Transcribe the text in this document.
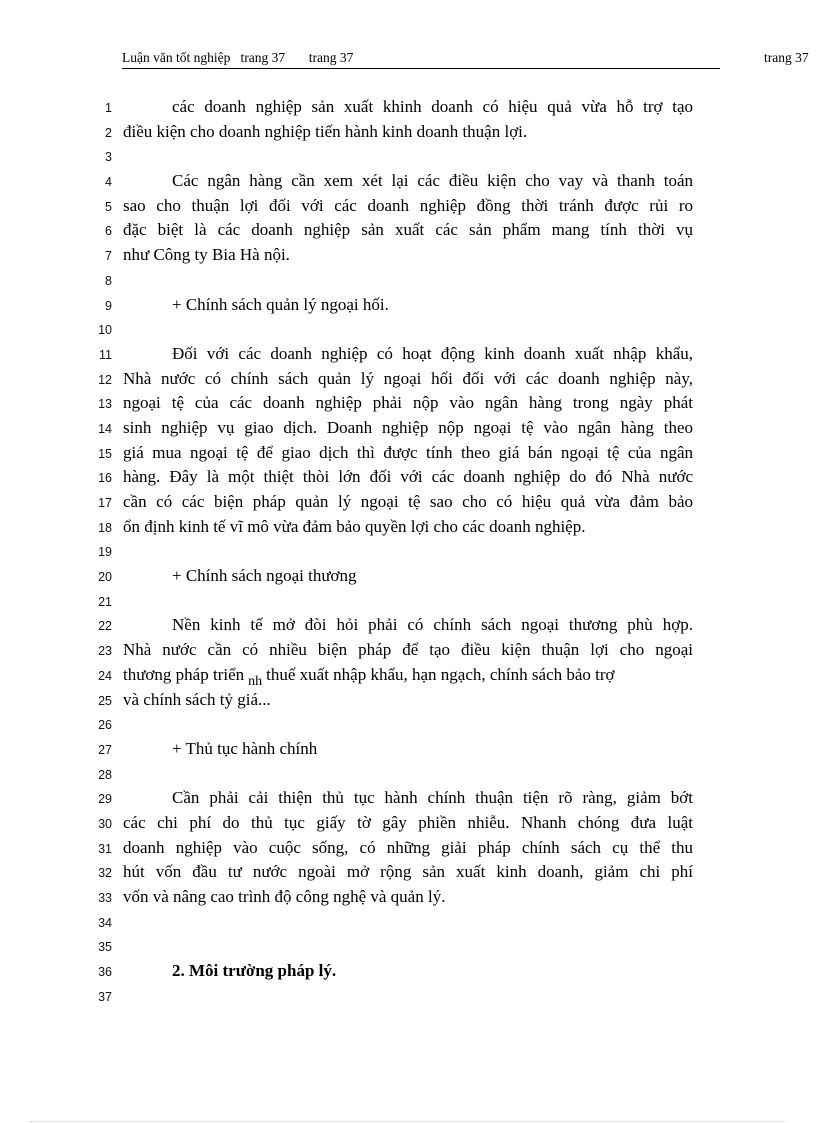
Luận văn tốt nghiệp   trang 37       trang 37	trang 37
1	các doanh nghiệp sản xuất khinh doanh có hiệu quả vừa hỗ trợ tạo
2 điều kiện cho doanh nghiệp tiến hành kinh doanh thuận lợi.
3
4	Các ngân hàng cần xem xét lại các điều kiện cho vay và thanh toán
5 sao cho thuận lợi đối với các doanh nghiệp đồng thời tránh được rủi ro
6 đặc biệt là các doanh nghiệp sản xuất các sản phẩm mang tính thời vụ
7 như Công ty Bia Hà nội.
8
9	+ Chính sách quản lý ngoại hối.
10
11	Đối với các doanh nghiệp có hoạt động kinh doanh xuất nhập khẩu,
12 Nhà nước có chính sách quản lý ngoại hối đối với các doanh nghiệp này,
13 ngoại tệ của các doanh nghiệp phải nộp vào ngân hàng trong ngày phát
14 sinh nghiệp vụ giao dịch. Doanh nghiệp nộp ngoại tệ vào ngân hàng theo
15 giá mua ngoại tệ để giao dịch thì được tính theo giá bán ngoại tệ của ngân
16 hàng. Đây là một thiệt thòi lớn đối với các doanh nghiệp do đó Nhà nước
17 cần có các biện pháp quản lý ngoại tệ sao cho có hiệu quả vừa đảm bảo
18 ổn định kinh tế vĩ mô vừa đảm bảo quyền lợi cho các doanh nghiệp.
19
20	+ Chính sách ngoại thương
21
22	Nền kinh tế mở đòi hỏi phải có chính sách ngoại thương phù hợp.
23 Nhà nước cần có nhiều biện pháp để tạo điều kiện thuận lợi cho ngoại
24 thương pháp triển $_{nh}$ thuế xuất nhập khẩu, hạn ngạch, chính sách bảo trợ
25 và chính sách tỷ giá...
26
27	+ Thủ tục hành chính
28
29	Cần phải cải thiện thủ tục hành chính thuận tiện rõ ràng, giảm bớt
30 các chi phí do thủ tục giấy tờ gây phiền nhiễu. Nhanh chóng đưa luật
31 doanh nghiệp vào cuộc sống, có những giải pháp chính sách cụ thể thu
32 hút vốn đầu tư nước ngoài mở rộng sản xuất kinh doanh, giảm chi phí
33 vốn và nâng cao trình độ công nghệ và quản lý.
34
35
36	2. Môi trường pháp lý.
37
